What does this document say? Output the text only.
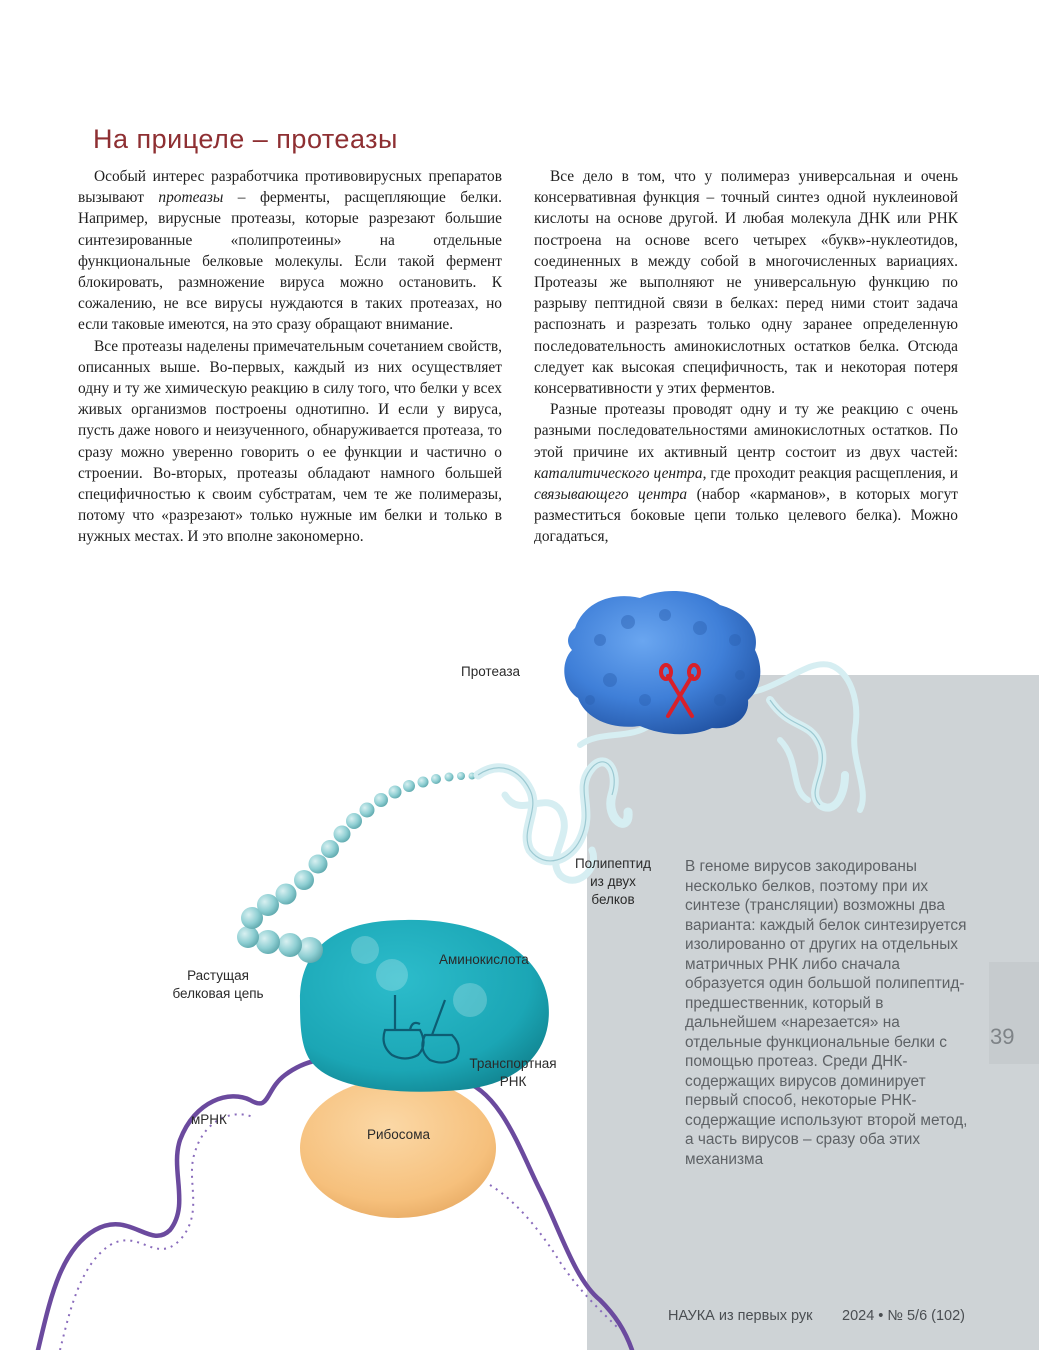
39
На прицеле – протеазы

Особый интерес разработчика противовирусных препаратов вызывают протеазы – ферменты, расщепляющие белки. Например, вирусные протеазы, которые разрезают большие синтезированные «полипротеины» на отдельные функциональные белковые молекулы. Если такой фермент блокировать, размножение вируса можно остановить. К сожалению, не все вирусы нуждаются в таких протеазах, но если таковые имеются, на это сразу обращают внимание.

Все протеазы наделены примечательным сочетанием свойств, описанных выше. Во-первых, каждый из них осуществляет одну и ту же химическую реакцию в силу того, что белки у всех живых организмов построены однотипно. И если у вируса, пусть даже нового и неизученного, обнаруживается протеаза, то сразу можно уверенно говорить о ее функции и частично о строении. Во-вторых, протеазы обладают намного большей специфичностью к своим субстратам, чем те же полимеразы, потому что «разрезают» только нужные им белки и только в нужных местах. И это вполне закономерно.

Все дело в том, что у полимераз универсальная и очень консервативная функция – точный синтез одной нуклеиновой кислоты на основе другой. И любая молекула ДНК или РНК построена на основе всего четырех «букв»-нуклеотидов, соединенных в между собой в многочисленных вариациях. Протеазы же выполняют не универсальную функцию по разрыву пептидной связи в белках: перед ними стоит задача распознать и разрезать только одну заранее определенную последовательность аминокислотных остатков белка. Отсюда следует как высокая специфичность, так и некоторая потеря консервативности у этих ферментов.

Разные протеазы проводят одну и ту же реакцию с очень разными последовательностями аминокислотных остатков. По этой причине их активный центр состоит из двух частей: каталитического центра, где проходит реакция расщепления, и связывающего центра (набор «карманов», в которых могут разместиться боковые цепи только целевого белка). Можно догадаться,

Протеаза
Полипептид
из двух
белков
Растущая
белковая цепь
Аминокислота
Транспортная
РНК
мРНК
Рибосома
В геноме вирусов закодированы несколько белков, поэтому при их синтезе (трансляции) возможны два варианта: каждый белок синтезируется изолированно от других на отдельных матричных РНК либо сначала образуется один большой полипептид-предшественник, который в дальнейшем «нарезается» на отдельные функциональные белки с помощью протеаз. Среди ДНК-содержащих вирусов доминирует первый способ, некоторые РНК-содержащие используют второй метод, а часть вирусов – сразу оба этих механизма
НАУКА из первых рук 2024 • № 5/6 (102)
